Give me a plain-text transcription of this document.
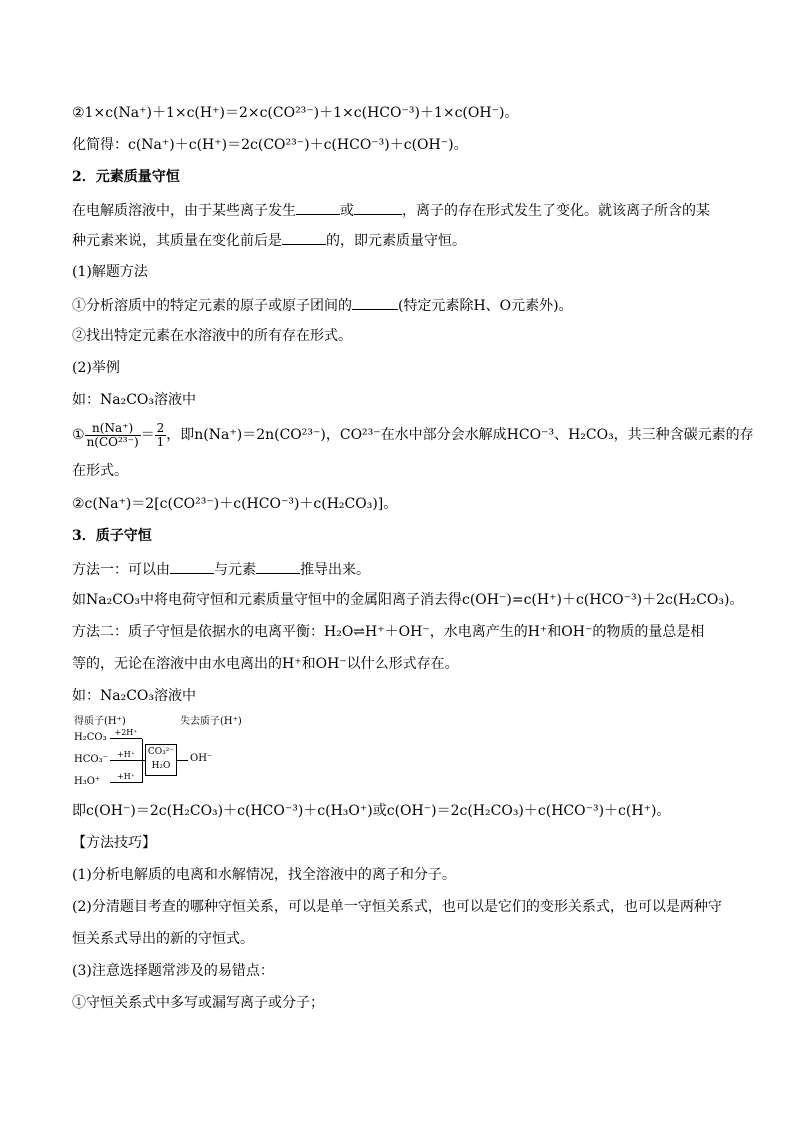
②1×c(Na⁺)＋1×c(H⁺)＝2×c(CO²³⁻)＋1×c(HCO⁻³)＋1×c(OH⁻)。
化简得：c(Na⁺)＋c(H⁺)＝2c(CO²³⁻)＋c(HCO⁻³)＋c(OH⁻)。
2．元素质量守恒
在电解质溶液中，由于某些离子发生	或	，离子的存在形式发生了变化。就该离子所含的某
种元素来说，其质量在变化前后是	的，即元素质量守恒。
(1)解题方法
①分析溶质中的特定元素的原子或原子团间的	(特定元素除H、O元素外)。
②找出特定元素在水溶液中的所有存在形式。
(2)举例
如：Na₂CO₃溶液中
① $\frac{n(Na^+)}{\text{n(CO²³⁻)}} = \frac{2}{1}$ ，即n(Na⁺)＝2n(CO²³⁻)，CO²³⁻在水中部分会水解成HCO⁻³、H₂CO₃，共三种含碳元素的存
在形式。
②c(Na⁺)＝2[c(CO²³⁻)＋c(HCO⁻³)＋c(H₂CO₃)]。
3．质子守恒
方法一：可以由	与元素	推导出来。
如Na₂CO₃中将电荷守恒和元素质量守恒中的金属阳离子消去得c(OH⁻)=c(H⁺)＋c(HCO⁻³)＋2c(H₂CO₃)。
方法二：质子守恒是依据水的电离平衡：H₂O⇌H⁺＋OH⁻，水电离产生的H⁺和OH⁻的物质的量总是相
等的，无论在溶液中由水电离出的H⁺和OH⁻以什么形式存在。
如：Na₂CO₃溶液中
得质子(H⁺)	失去质子(H⁺)
H₂CO₃ +2H⁺
HCO₃⁻	+H⁺
H₃O⁺	+H⁺
CO₃²⁻
H₂O
OH⁻
即c(OH⁻)＝2c(H₂CO₃)＋c(HCO⁻³)＋c(H₃O⁺)或c(OH⁻)＝2c(H₂CO₃)＋c(HCO⁻³)＋c(H⁺)。
【方法技巧】
(1)分析电解质的电离和水解情况，找全溶液中的离子和分子。
(2)分清题目考查的哪种守恒关系，可以是单一守恒关系式，也可以是它们的变形关系式，也可以是两种守
恒关系式导出的新的守恒式。
(3)注意选择题常涉及的易错点：
①守恒关系式中多写或漏写离子或分子；
